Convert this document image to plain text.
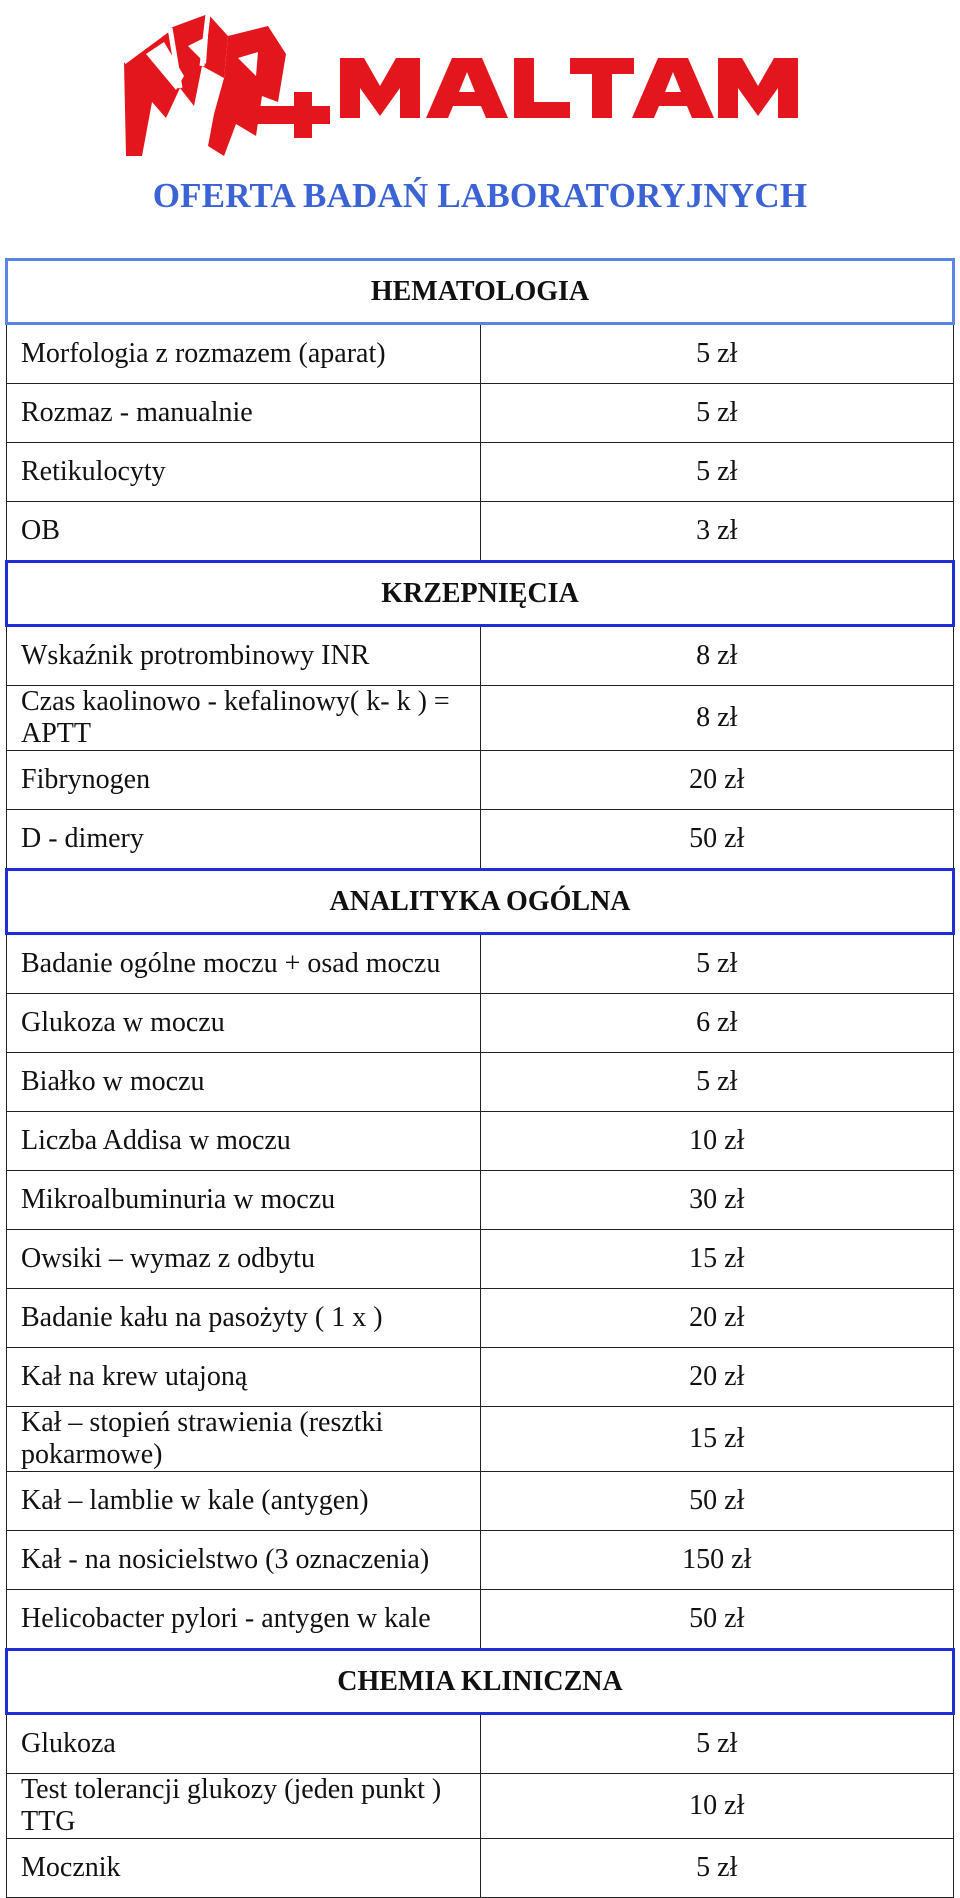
OFERTA BADAŃ LABORATORYJNYCH
HEMATOLOGIA	
Morfologia z rozmazem (aparat)	5 zł
Rozmaz - manualnie	5 zł
Retikulocyty	5 zł
OB	3 zł
KRZEPNIĘCIA	
Wskaźnik protrombinowy INR	8 zł
Czas kaolinowo - kefalinowy( k- k ) = APTT	8 zł
Fibrynogen	20 zł
D - dimery	50 zł
ANALITYKA OGÓLNA	
Badanie ogólne moczu + osad moczu	5 zł
Glukoza w moczu	6 zł
Białko w moczu	5 zł
Liczba Addisa w moczu	10 zł
Mikroalbuminuria w moczu	30 zł
Owsiki – wymaz z odbytu	15 zł
Badanie kału na pasożyty ( 1 x )	20 zł
Kał na krew utajoną	20 zł
Kał – stopień strawienia (resztki pokarmowe)	15 zł
Kał – lamblie w kale (antygen)	50 zł
Kał - na nosicielstwo (3 oznaczenia)	150 zł
Helicobacter pylori - antygen w kale	50 zł
CHEMIA KLINICZNA	
Glukoza	5 zł
Test tolerancji glukozy (jeden punkt ) TTG	10 zł
Mocznik	5 zł
